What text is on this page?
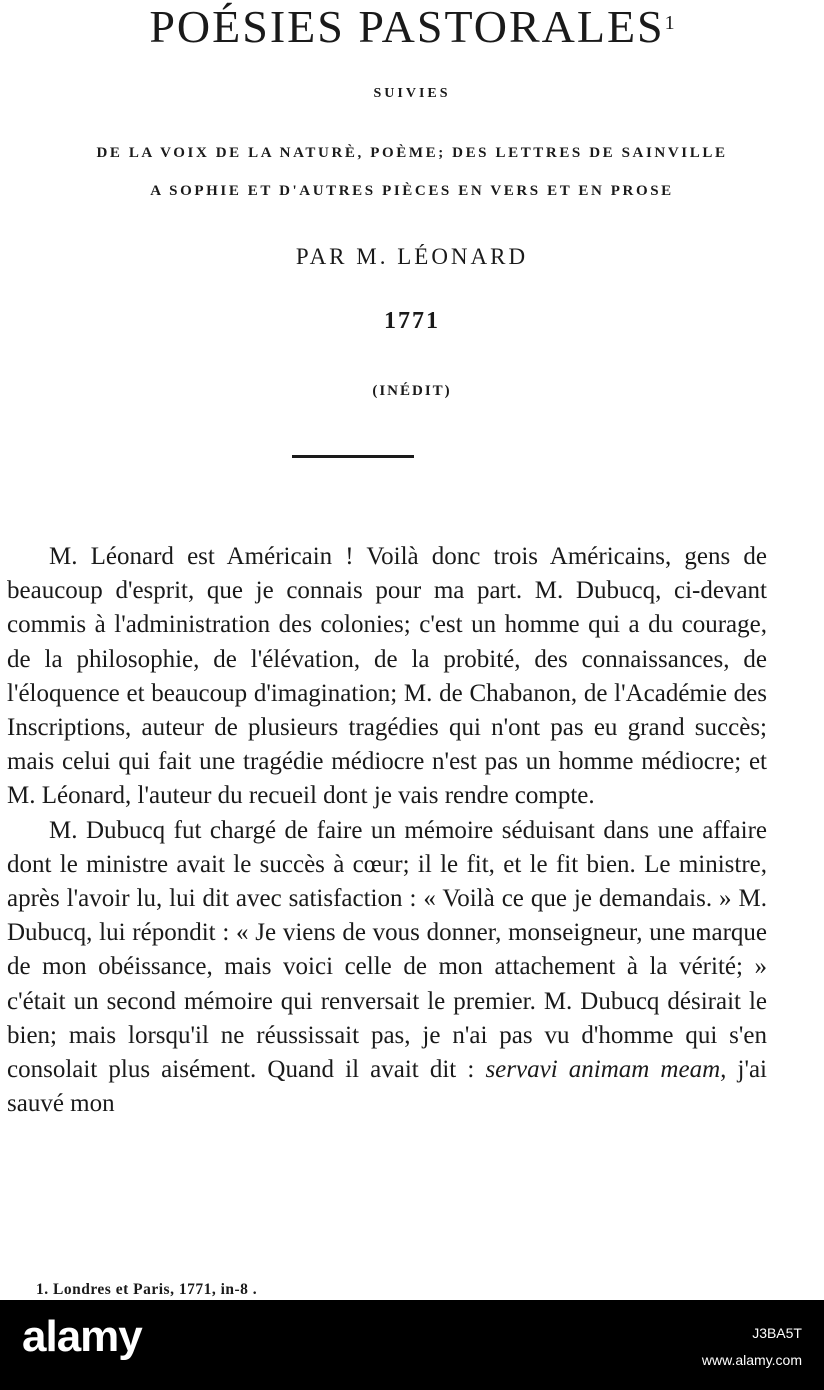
POÉSIES PASTORALES$^1$
SUIVIES
DE LA VOIX DE LA NATURÈ, POÈME; DES LETTRES DE SAINVILLE
A SOPHIE ET D'AUTRES PIÈCES EN VERS ET EN PROSE
PAR M. LÉONARD
1771
(INÉDIT)

M. Léonard est Américain ! Voilà donc trois Américains, gens de beaucoup d'esprit, que je connais pour ma part. M. Dubucq, ci-devant commis à l'administration des colonies; c'est un homme qui a du courage, de la philosophie, de l'élévation, de la probité, des connaissances, de l'éloquence et beaucoup d'imagination; M. de Chabanon, de l'Académie des Inscriptions, auteur de plusieurs tragédies qui n'ont pas eu grand succès; mais celui qui fait une tragédie médiocre n'est pas un homme médiocre; et M. Léonard, l'auteur du recueil dont je vais rendre compte.

M. Dubucq fut chargé de faire un mémoire séduisant dans une affaire dont le ministre avait le succès à cœur; il le fit, et le fit bien. Le ministre, après l'avoir lu, lui dit avec satisfaction : « Voilà ce que je demandais. » M. Dubucq, lui répondit : « Je viens de vous donner, monseigneur, une marque de mon obéissance, mais voici celle de mon attachement à la vérité; » c'était un second mémoire qui renversait le premier. M. Dubucq désirait le bien; mais lorsqu'il ne réussissait pas, je n'ai pas vu d'homme qui s'en consolait plus aisément. Quand il avait dit : servavi animam meam, j'ai sauvé mon

1. Londres et Paris, 1771, in-8 .
alamy	J3BA5T
www.alamy.com
